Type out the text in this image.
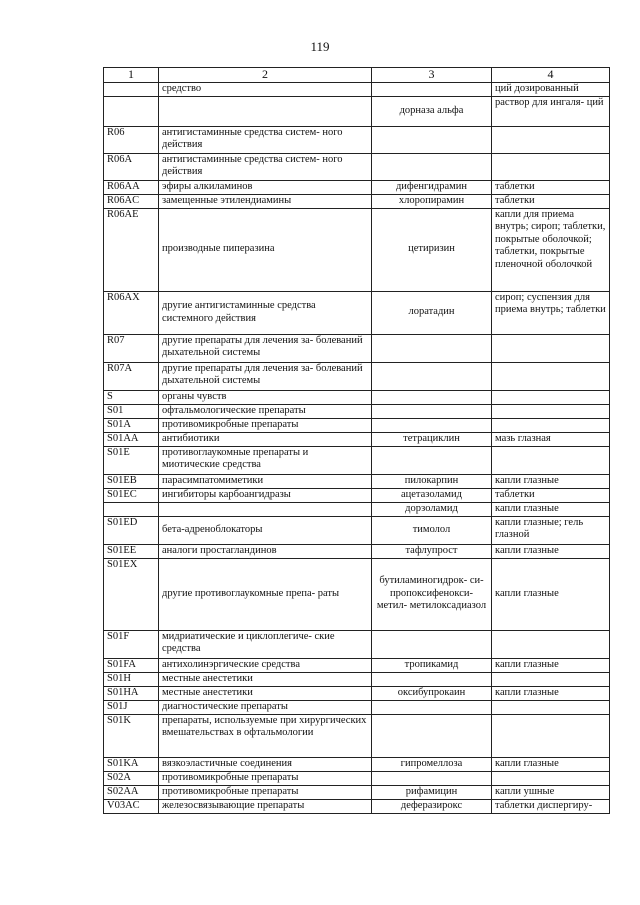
119
1	2	3	4
	средство		ций дозированный
		дорназа альфа	раствор для ингаля- ций
R06	антигистаминные средства систем- ного действия		
R06A	антигистаминные средства систем- ного действия		
R06AA	эфиры алкиламинов	дифенгидрамин	таблетки
R06AC	замещенные этилендиамины	хлоропирамин	таблетки
R06AE	производные пиперазина	цетиризин	капли для приема внутрь; сироп; таблетки, покрытые оболочкой; таблетки, покрытые пленочной оболочкой
R06AX	другие антигистаминные средства системного действия	лоратадин	сироп; суспензия для приема внутрь; таблетки
R07	другие препараты для лечения за- болеваний дыхательной системы		
R07A	другие препараты для лечения за- болеваний дыхательной системы		
S	органы чувств		
S01	офтальмологические препараты		
S01A	противомикробные препараты		
S01AA	антибиотики	тетрациклин	мазь глазная
S01E	противоглаукомные препараты и миотические средства		
S01EB	парасимпатомиметики	пилокарпин	капли глазные
S01EC	ингибиторы карбоангидразы	ацетазоламид	таблетки
		дорзоламид	капли глазные
S01ED	бета-адреноблокаторы	тимолол	капли глазные; гель глазной
S01EE	аналоги простагландинов	тафлупрост	капли глазные
S01EX	другие противоглаукомные препа- раты	бутиламиногидрок- си- пропоксифенокси- метил- метилоксадиазол	капли глазные
S01F	мидриатические и циклоплегиче- ские средства		
S01FA	антихолинэргические средства	тропикамид	капли глазные
S01H	местные анестетики		
S01HA	местные анестетики	оксибупрокаин	капли глазные
S01J	диагностические препараты		
S01K	препараты, используемые при хирургических вмешательствах в офтальмологии		
S01KA	вязкоэластичные соединения	гипромеллоза	капли глазные
S02A	противомикробные препараты		
S02AA	противомикробные препараты	рифамицин	капли ушные
V03AC	железосвязывающие препараты	деферазирокс	таблетки диспергиру-
